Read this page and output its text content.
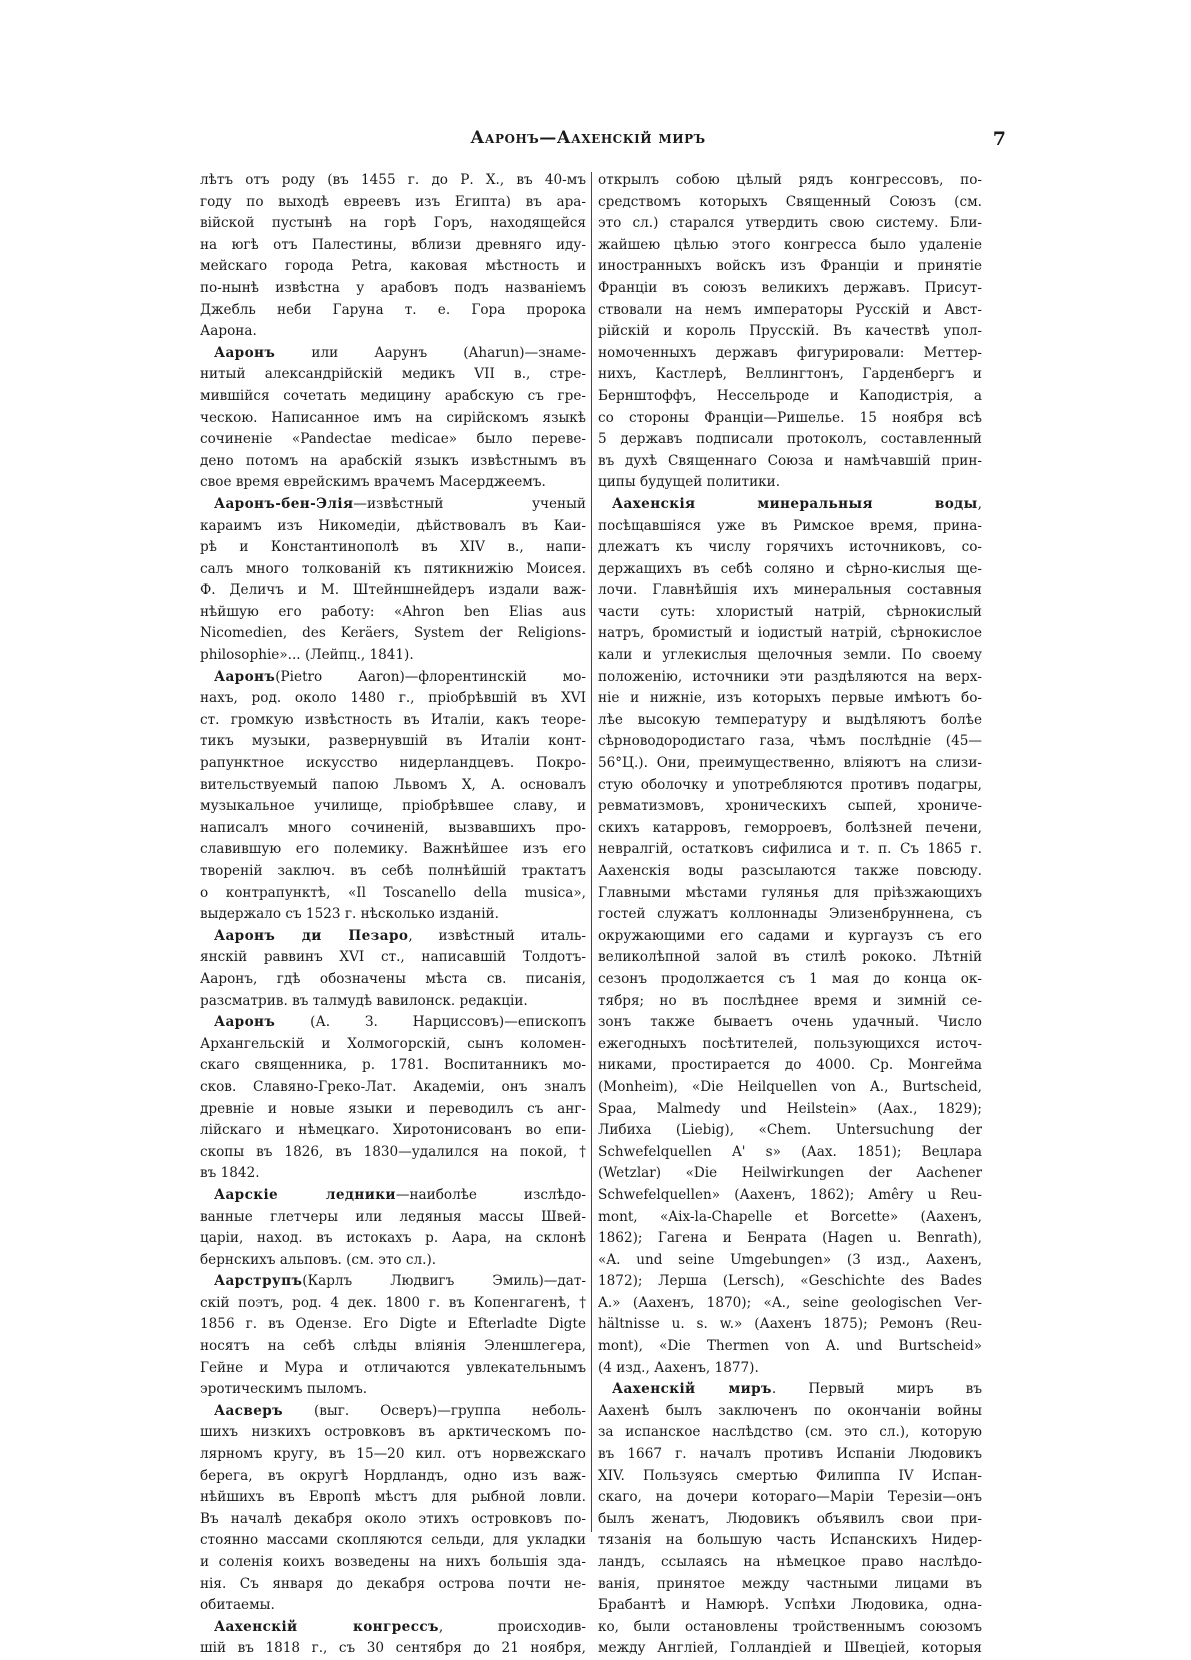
Ааронъ—Аахенскій миръ	7
лѣтъ отъ роду (въ 1455 г. до Р. Х., въ 40-мъ
году по выходѣ евреевъ изъ Египта) въ ара-
війской пустынѣ на горѣ Горъ, находящейся
на югѣ отъ Палестины, вблизи древняго иду-
мейскаго города Petra, каковая мѣстность и
по-нынѣ извѣстна у арабовъ подъ названіемъ
Джебль неби Гаруна т. е. Гора пророка
Аарона.
Ааронъ или Аарунъ (Aharun)—знаме-
нитый александрійскій медикъ VII в., стре-
мившійся сочетать медицину арабскую съ гре-
ческою. Написанное имъ на сирійскомъ языкѣ
сочиненіе «Pandectae medicae» было переве-
дено потомъ на арабскій языкъ извѣстнымъ въ
свое время еврейскимъ врачемъ Масерджеемъ.
Ааронъ-бен-Элія—извѣстный ученый
караимъ изъ Никомедіи, дѣйствовалъ въ Каи-
рѣ и Константинополѣ въ XIV в., напи-
салъ много толкованій къ пятикнижію Моисея.
Ф. Деличъ и М. Штейншнейдеръ издали важ-
нѣйшую его работу: «Ahron ben Elias aus
Nicomedien, des Keräers, System der Religions-
philosophie»... (Лейпц., 1841).
Ааронъ(Pietro Aaron)—флорентинскій мо-
нахъ, род. около 1480 г., пріобрѣвшій въ XVI
ст. громкую извѣстность въ Италіи, какъ теоре-
тикъ музыки, развернувшій въ Италіи конт-
рапунктное искусство нидерландцевъ. Покро-
вительствуемый папою Львомъ X, А. основалъ
музыкальное училище, пріобрѣвшее славу, и
написалъ много сочиненій, вызвавшихъ про-
славившую его полемику. Важнѣйшее изъ его
твореній заключ. въ себѣ полнѣйшій трактатъ
о контрапунктѣ, «Il Toscanello della musica»,
выдержало съ 1523 г. нѣсколько изданій.
Ааронъ ди Пезаро, извѣстный италь-
янскій раввинъ XVI ст., написавшій Толдотъ-
Ааронъ, гдѣ обозначены мѣста св. писанія,
разсматрив. въ талмудѣ вавилонск. редакціи.
Ааронъ (А. З. Нарциссовъ)—епископъ
Архангельскій и Холмогорскій, сынъ коломен-
скаго священника, р. 1781. Воспитанникъ мо-
сков. Славяно-Греко-Лат. Академіи, онъ зналъ
древніе и новые языки и переводилъ съ анг-
лійскаго и нѣмецкаго. Хиротонисованъ во епи-
скопы въ 1826, въ 1830—удалился на покой, †
въ 1842.
Аарскіе ледники—наиболѣе изслѣдо-
ванные глетчеры или ледяныя массы Швей-
царіи, наход. въ истокахъ р. Аара, на склонѣ
бернскихъ альповъ. (см. это сл.).
Аарструпъ(Карлъ Людвигъ Эмиль)—дат-
скій поэтъ, род. 4 дек. 1800 г. въ Копенгагенѣ, †
1856 г. въ Одензе. Его Digte и Efterladte Digte
носятъ на себѣ слѣды вліянія Эленшлегера,
Гейне и Мура и отличаются увлекательнымъ
эротическимъ пыломъ.
Аасверъ (выг. Осверъ)—группа неболь-
шихъ низкихъ островковъ въ арктическомъ по-
лярномъ кругу, въ 15—20 кил. отъ норвежскаго
берега, въ округѣ Нордландъ, одно изъ важ-
нѣйшихъ въ Европѣ мѣстъ для рыбной ловли.
Въ началѣ декабря около этихъ островковъ по-
стоянно массами скопляются сельди, для укладки
и соленія коихъ возведены на нихъ большія зда-
нія. Съ января до декабря острова почти не-
обитаемы.
Аахенскій конгрессъ, происходив-
шій въ 1818 г., съ 30 сентября до 21 ноября,
открылъ собою цѣлый рядъ конгрессовъ, по-
средствомъ которыхъ Священный Союзъ (см.
это сл.) старался утвердить свою систему. Бли-
жайшею цѣлью этого конгресса было удаленіе
иностранныхъ войскъ изъ Франціи и принятіе
Франціи въ союзъ великихъ державъ. Присут-
ствовали на немъ императоры Русскій и Авст-
рійскій и король Прусскій. Въ качествѣ упол-
номоченныхъ державъ фигурировали: Меттер-
нихъ, Кастлерѣ, Веллингтонъ, Гарденбергъ и
Бернштоффъ, Нессельроде и Каподистрія, а
со стороны Франціи—Ришелье. 15 ноября всѣ
5 державъ подписали протоколъ, составленный
въ духѣ Священнаго Союза и намѣчавшій прин-
ципы будущей политики.
Аахенскія минеральныя воды,
посѣщавшіяся уже въ Римское время, прина-
длежатъ къ числу горячихъ источниковъ, со-
держащихъ въ себѣ соляно и сѣрно-кислыя ще-
лочи. Главнѣйшія ихъ минеральныя составныя
части суть: хлористый натрій, сѣрнокислый
натръ, бромистый и іодистый натрій, сѣрнокислое
кали и углекислыя щелочныя земли. По своему
положенію, источники эти раздѣляются на верх-
ніе и нижніе, изъ которыхъ первые имѣютъ бо-
лѣе высокую температуру и выдѣляютъ болѣе
сѣрноводородистаго газа, чѣмъ послѣдніе (45—
56°Ц.). Они, преимущественно, вліяютъ на слизи-
стую оболочку и употребляются противъ подагры,
ревматизмовъ, хроническихъ сыпей, хрониче-
скихъ катарровъ, геморроевъ, болѣзней печени,
невралгій, остатковъ сифилиса и т. п. Съ 1865 г.
Аахенскія воды разсылаются также повсюду.
Главными мѣстами гулянья для пріѣзжающихъ
гостей служатъ коллоннады Элизенбруннена, съ
окружающими его садами и кургаузъ съ его
великолѣпной залой въ стилѣ рококо. Лѣтній
сезонъ продолжается съ 1 мая до конца ок-
тября; но въ послѣднее время и зимній се-
зонъ также бываетъ очень удачный. Число
ежегодныхъ посѣтителей, пользующихся источ-
никами, простирается до 4000. Ср. Монгейма
(Monheim), «Die Heilquellen von A., Burtscheid,
Spaa, Malmedy und Heilstein» (Аах., 1829);
Либиха (Liebig), «Chem. Untersuchung der
Schwefelquellen A' s» (Аах. 1851); Вецлара
(Wetzlar) «Die Heilwirkungen der Aachener
Schwefelquellen» (Аахенъ, 1862); Amêry u Reu-
mont, «Aix-la-Chapelle et Borcette» (Аахенъ,
1862); Гагена и Бенрата (Hagen u. Benrath),
«A. und seine Umgebungen» (3 изд., Аахенъ,
1872); Лерша (Lersch), «Geschichte des Bades
A.» (Аахенъ, 1870); «A., seine geologischen Ver-
hältnisse u. s. w.» (Аахенъ 1875); Ремонъ (Reu-
mont), «Die Thermen von A. und Burtscheid»
(4 изд., Аахенъ, 1877).
Аахенскій миръ. Первый миръ въ
Аахенѣ былъ заключенъ по окончаніи войны
за испанское наслѣдство (см. это сл.), которую
въ 1667 г. началъ противъ Испаніи Людовикъ
XIV. Пользуясь смертью Филиппа IV Испан-
скаго, на дочери котораго—Маріи Терезіи—онъ
былъ женатъ, Людовикъ объявилъ свои при-
тязанія на большую часть Испанскихъ Нидер-
ландъ, ссылаясь на нѣмецкое право наслѣдо-
ванія, принятое между частными лицами въ
Брабантѣ и Намюрѣ. Успѣхи Людовика, одна-
ко, были остановлены тройственнымъ союзомъ
между Англіей, Голландіей и Швеціей, которыя
